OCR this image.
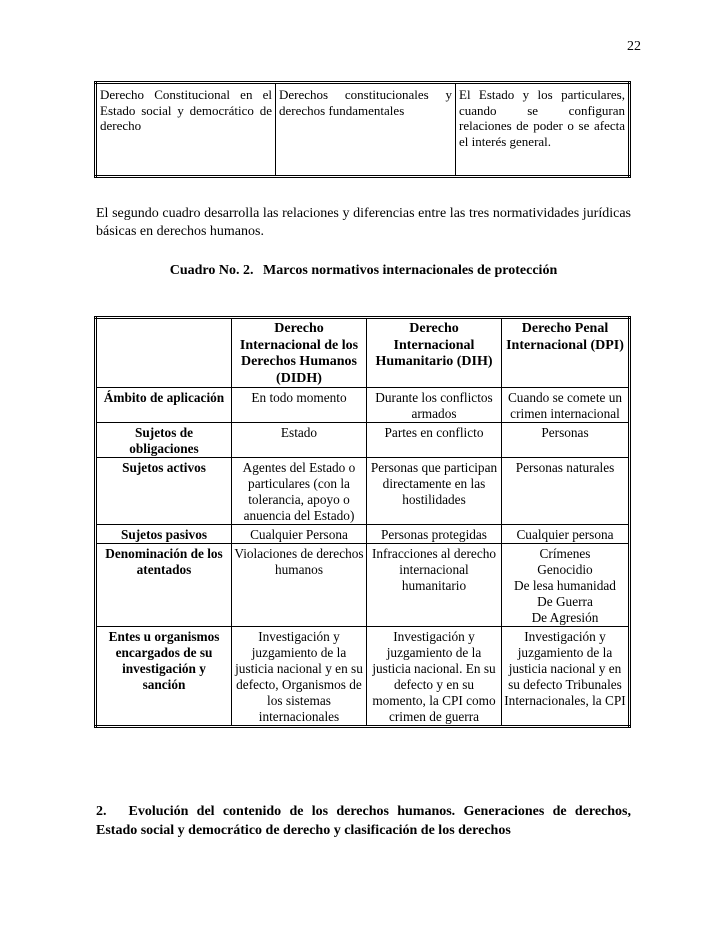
22
Derecho Constitucional en el Estado social y democrático de derecho	Derechos constitucionales y derechos fundamentales	El Estado y los particulares, cuando se configuran relaciones de poder o se afecta el interés general.

El segundo cuadro desarrolla las relaciones y diferencias entre las tres normatividades jurídicas básicas en derechos humanos.

Cuadro No. 2. Marcos normativos internacionales de protección
	Derecho Internacional de los Derechos Humanos (DIDH)	Derecho Internacional Humanitario (DIH)	Derecho Penal Internacional (DPI)
Ámbito de aplicación	En todo momento	Durante los conflictos armados	Cuando se comete un crimen internacional
Sujetos de obligaciones	Estado	Partes en conflicto	Personas
Sujetos activos	Agentes del Estado o particulares (con la tolerancia, apoyo o anuencia del Estado)	Personas que participan directamente en las hostilidades	Personas naturales
Sujetos pasivos	Cualquier Persona	Personas protegidas	Cualquier persona
Denominación de los atentados	Violaciones de derechos humanos	Infracciones al derecho internacional humanitario	Crímenes
Genocidio
De lesa humanidad
De Guerra
De Agresión

Entes u organismos encargados de su investigación y sanción	Investigación y juzgamiento de la justicia nacional y en su defecto, Organismos de los sistemas internacionales	Investigación y juzgamiento de la justicia nacional. En su defecto y en su momento, la CPI como crimen de guerra	Investigación y juzgamiento de la justicia nacional y en su defecto Tribunales Internacionales, la CPI
2. Evolución del contenido de los derechos humanos. Generaciones de derechos, Estado social y democrático de derecho y clasificación de los derechos
